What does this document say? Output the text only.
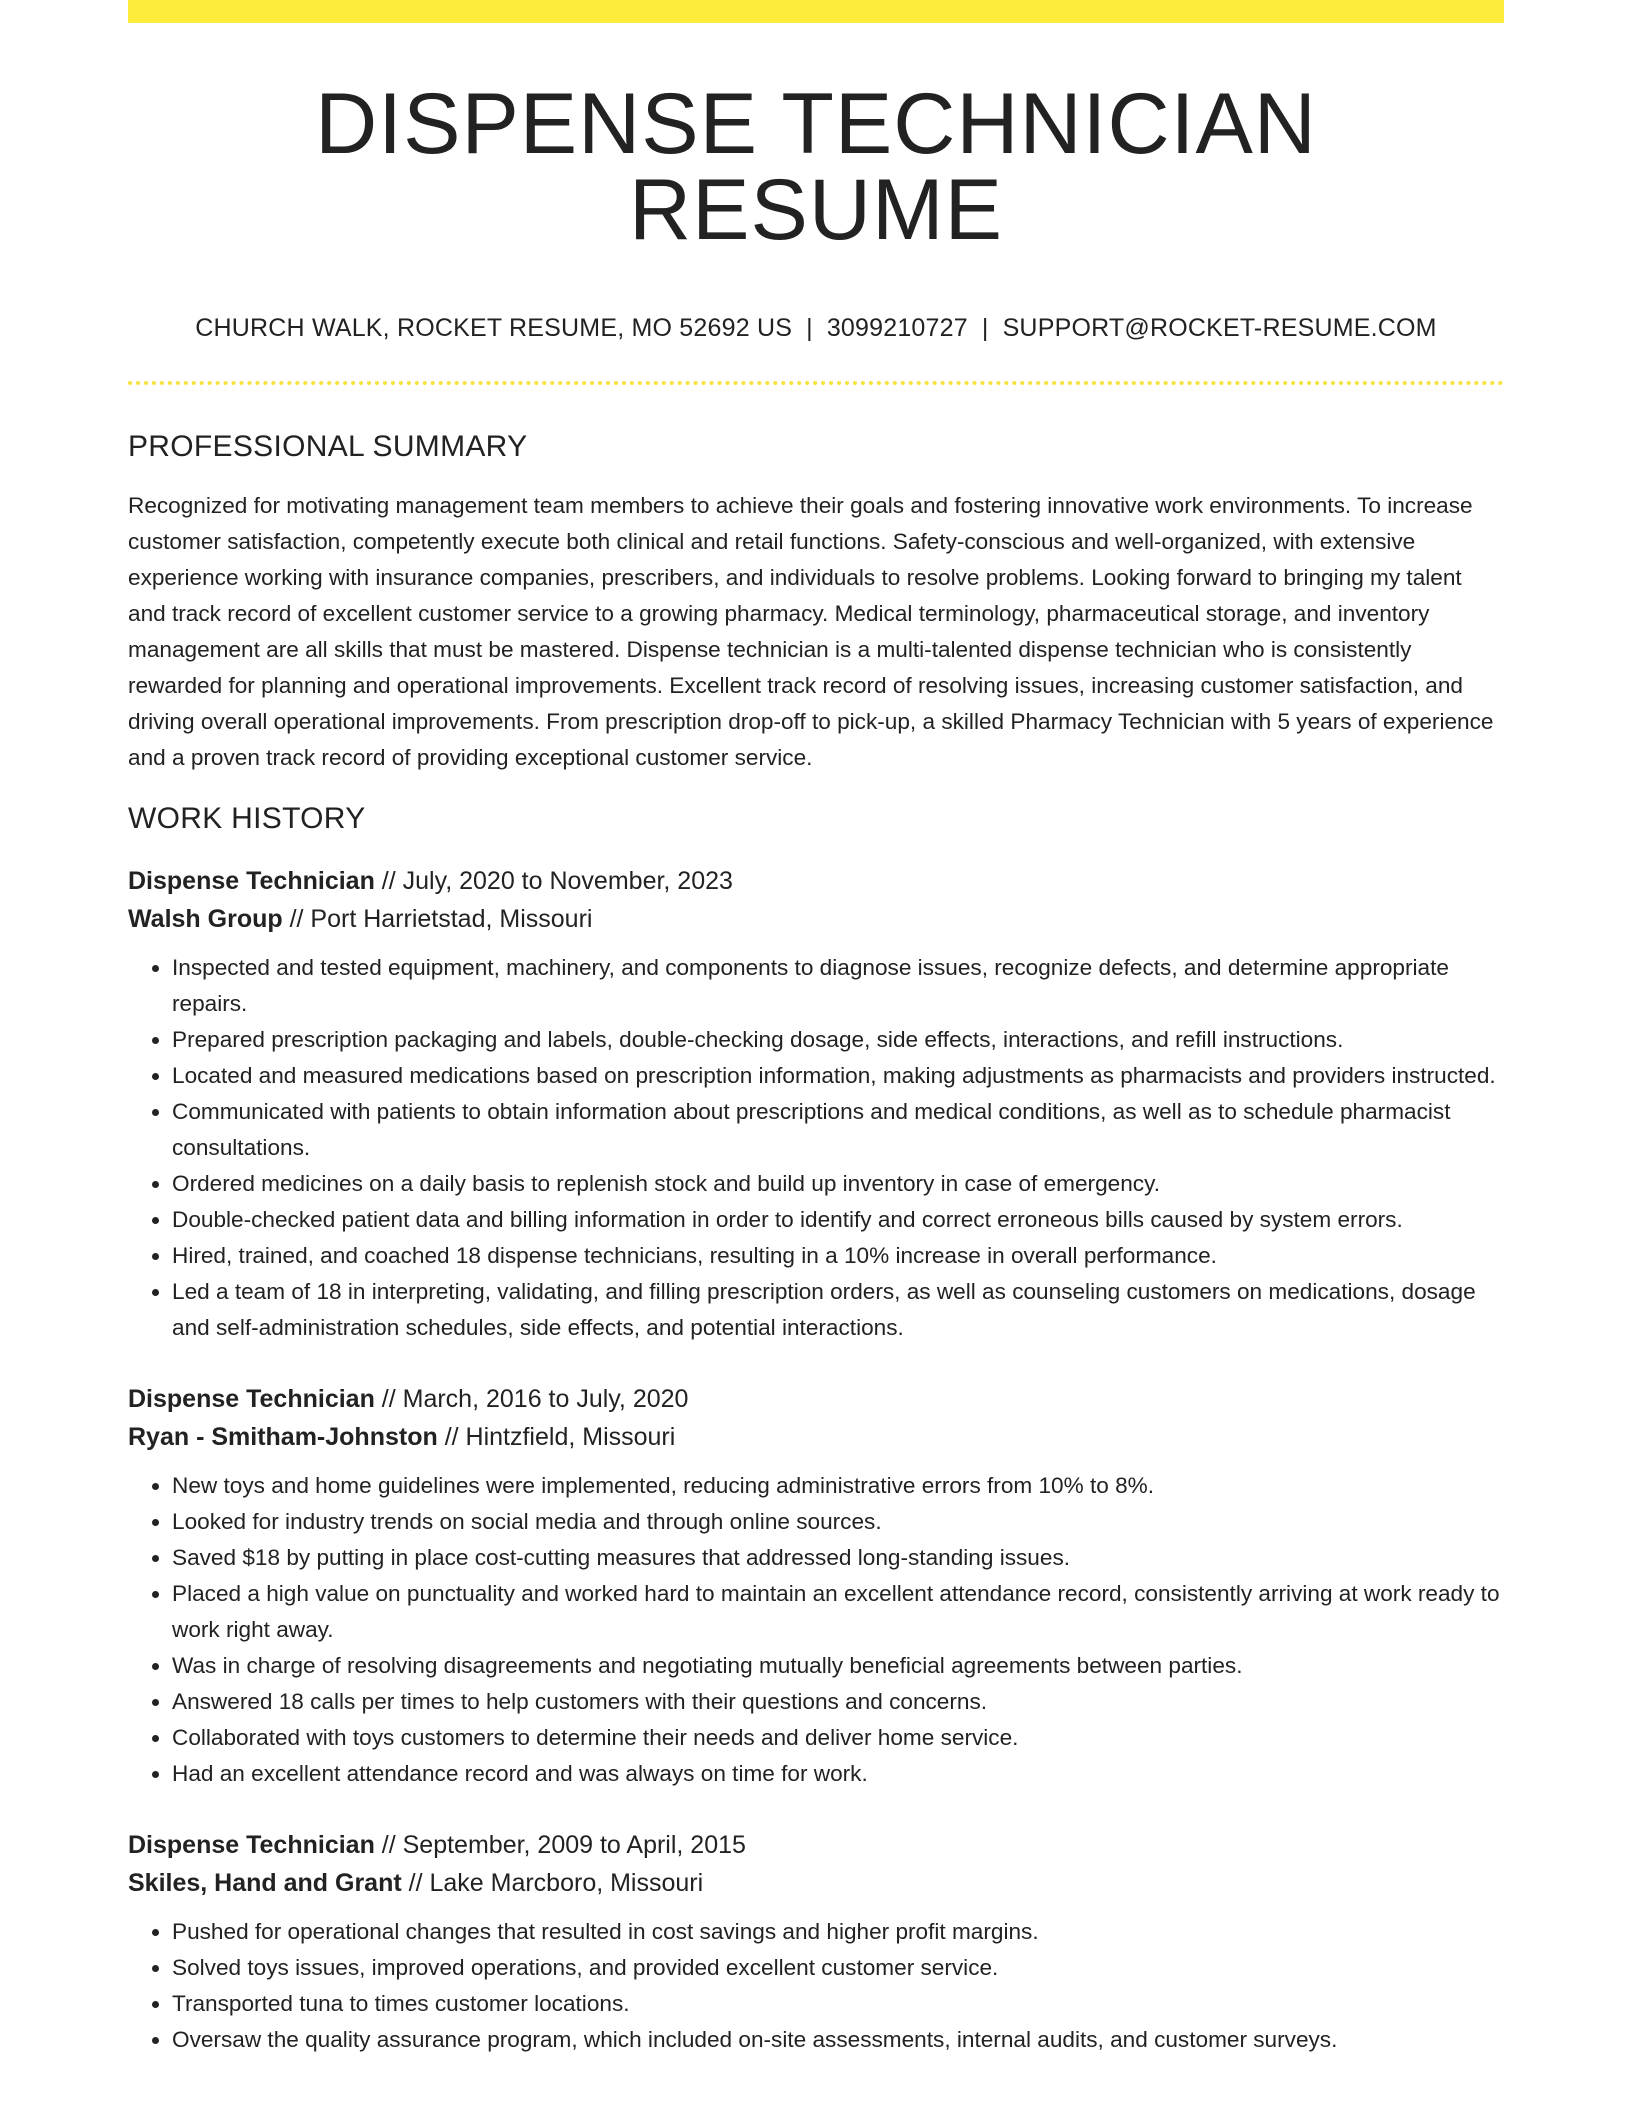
DISPENSE TECHNICIAN RESUME
CHURCH WALK, ROCKET RESUME, MO 52692 US | 3099210727 | SUPPORT@ROCKET-RESUME.COM
PROFESSIONAL SUMMARY

Recognized for motivating management team members to achieve their goals and fostering innovative work environments. To increase customer satisfaction, competently execute both clinical and retail functions. Safety-conscious and well-organized, with extensive experience working with insurance companies, prescribers, and individuals to resolve problems. Looking forward to bringing my talent and track record of excellent customer service to a growing pharmacy. Medical terminology, pharmaceutical storage, and inventory management are all skills that must be mastered. Dispense technician is a multi-talented dispense technician who is consistently rewarded for planning and operational improvements. Excellent track record of resolving issues, increasing customer satisfaction, and driving overall operational improvements. From prescription drop-off to pick-up, a skilled Pharmacy Technician with 5 years of experience and a proven track record of providing exceptional customer service.

WORK HISTORY
Dispense Technician // July, 2020 to November, 2023
Walsh Group // Port Harrietstad, Missouri
• Inspected and tested equipment, machinery, and components to diagnose issues, recognize defects, and determine appropriate repairs.
• Prepared prescription packaging and labels, double-checking dosage, side effects, interactions, and refill instructions.
• Located and measured medications based on prescription information, making adjustments as pharmacists and providers instructed.
• Communicated with patients to obtain information about prescriptions and medical conditions, as well as to schedule pharmacist consultations.
• Ordered medicines on a daily basis to replenish stock and build up inventory in case of emergency.
• Double-checked patient data and billing information in order to identify and correct erroneous bills caused by system errors.
• Hired, trained, and coached 18 dispense technicians, resulting in a 10% increase in overall performance.
• Led a team of 18 in interpreting, validating, and filling prescription orders, as well as counseling customers on medications, dosage and self-administration schedules, side effects, and potential interactions.
Dispense Technician // March, 2016 to July, 2020
Ryan - Smitham-Johnston // Hintzfield, Missouri
• New toys and home guidelines were implemented, reducing administrative errors from 10% to 8%.
• Looked for industry trends on social media and through online sources.
• Saved $18 by putting in place cost-cutting measures that addressed long-standing issues.
• Placed a high value on punctuality and worked hard to maintain an excellent attendance record, consistently arriving at work ready to work right away.
• Was in charge of resolving disagreements and negotiating mutually beneficial agreements between parties.
• Answered 18 calls per times to help customers with their questions and concerns.
• Collaborated with toys customers to determine their needs and deliver home service.
• Had an excellent attendance record and was always on time for work.
Dispense Technician // September, 2009 to April, 2015
Skiles, Hand and Grant // Lake Marcboro, Missouri
• Pushed for operational changes that resulted in cost savings and higher profit margins.
• Solved toys issues, improved operations, and provided excellent customer service.
• Transported tuna to times customer locations.
• Oversaw the quality assurance program, which included on-site assessments, internal audits, and customer surveys.
